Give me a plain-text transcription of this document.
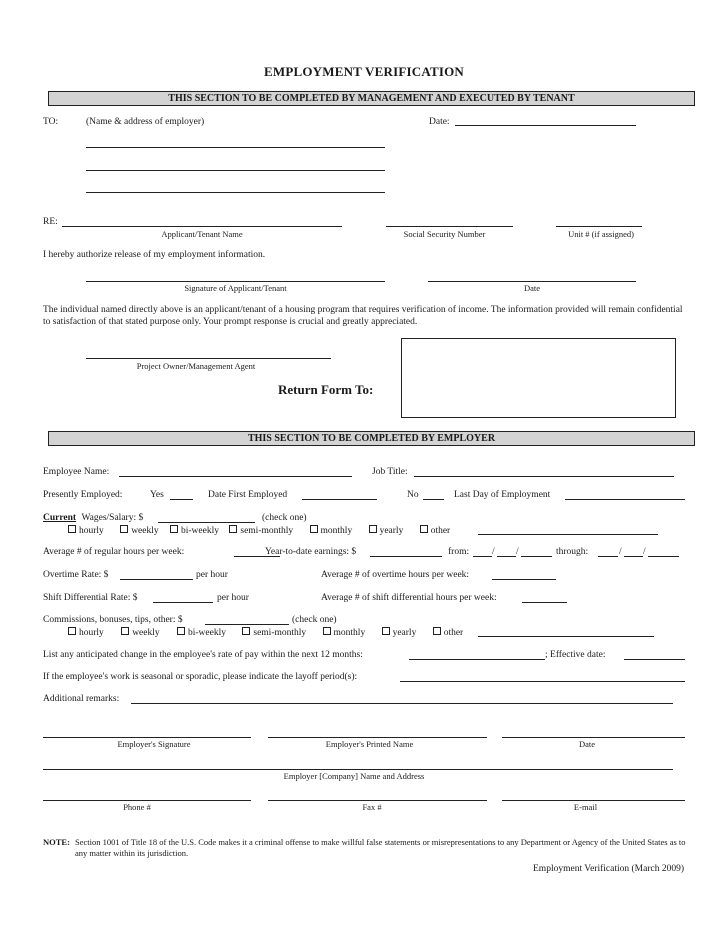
EMPLOYMENT VERIFICATION
THIS SECTION TO BE COMPLETED BY MANAGEMENT AND EXECUTED BY TENANT
TO:	(Name & address of employer)	Date:
RE:
Applicant/Tenant Name	Social Security Number	Unit # (if assigned)
I hereby authorize release of my employment information.
Signature of Applicant/Tenant	Date
The individual named directly above is an applicant/tenant of a housing program that requires verification of income. The information provided will remain confidential to satisfaction of that stated purpose only. Your prompt response is crucial and greatly appreciated.
Project Owner/Management Agent
Return Form To:
THIS SECTION TO BE COMPLETED BY EMPLOYER
Employee Name:	Job Title:
Presently Employed:	Yes	Date First Employed	No	Last Day of Employment
Current Wages/Salary: $	(check one)
hourly	weekly bi-weekly semi-monthly	monthly	yearly	other
Average # of regular hours per week:	Year-to-date earnings: $	from: / /	through:	/ /
Overtime Rate: $	per hour	Average # of overtime hours per week:
Shift Differential Rate: $	per hour	Average # of shift differential hours per week:
Commissions, bonuses, tips, other: $	(check one)
hourly	weekly	bi-weekly	semi-monthly	monthly	yearly	other
List any anticipated change in the employee's rate of pay within the next 12 months:	; Effective date:
If the employee's work is seasonal or sporadic, please indicate the layoff period(s):
Additional remarks:
Employer's Signature	Employer's Printed Name	Date
Employer [Company] Name and Address
Phone #	Fax #	E-mail
NOTE: Section 1001 of Title 18 of the U.S. Code makes it a criminal offense to make willful false statements or misrepresentations to any Department or Agency of the United States as to any matter within its jurisdiction.
Employment Verification (March 2009)
